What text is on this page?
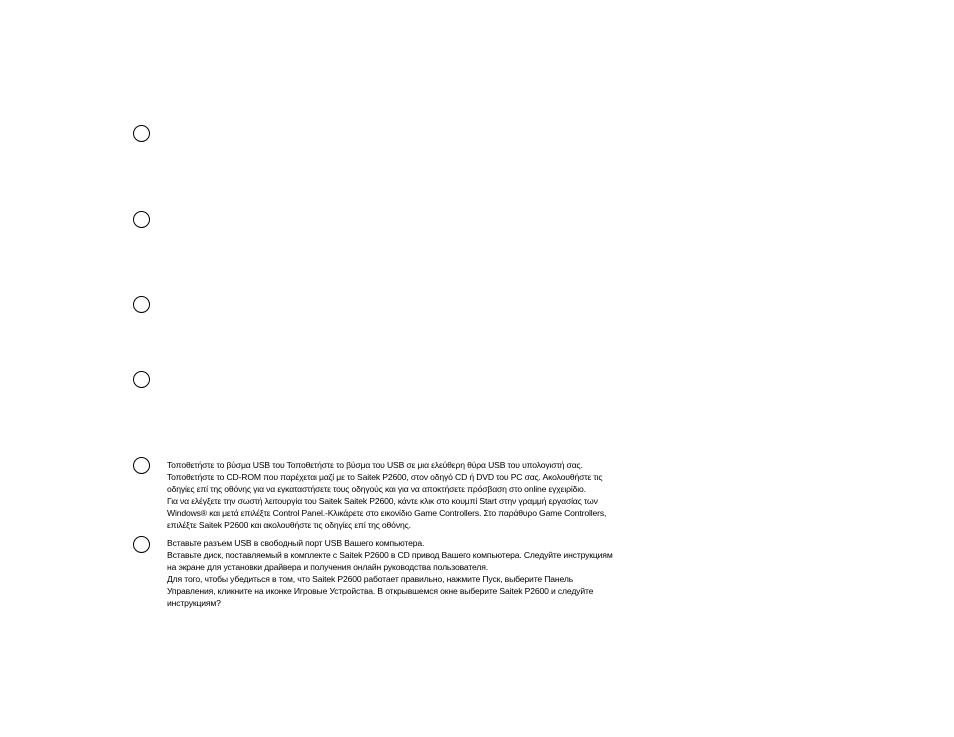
Τοποθετήστε το βύσμα USB του Τοποθετήστε το βύσμα του USB σε μια ελεύθερη θύρα USB του υπολογιστή σας.
Τοποθετήστε το CD-ROM που παρέχεται μαζί με το Saitek P2600, στον οδηγό CD ή DVD του PC σας. Ακολουθήστε τις
οδηγίες επί της οθόνης για να εγκαταστήσετε τους οδηγούς και για να αποκτήσετε πρόσβαση στο online εγχειρίδιο.
Για να ελέγξετε την σωστή λειτουργία του Saitek Saitek P2600, κάντε κλικ στο κουμπί Start στην γραμμή εργασίας των
Windows® και μετά επιλέξτε Control Panel.-Κλικάρετε στο εικονίδιο Game Controllers. Στο παράθυρο Game Controllers,
επιλέξτε Saitek P2600 και ακολουθήστε τις οδηγίες επί της οθόνης.
Вставьте разъем USB в свободный порт USB Вашего компьютера.
Вставьте диск, поставляемый в комплекте с Saitek P2600 в CD привод Вашего компьютера. Следуйте инструкциям
на экране для установки драйвера и получения онлайн руководства пользователя.
Для того, чтобы убедиться в том, что Saitek P2600 работает правильно, нажмите Пуск, выберите Панель
Управления, кликните на иконке Игровые Устройства. В открывшемся окне выберите Saitek P2600 и следуйте
инструкциям?
